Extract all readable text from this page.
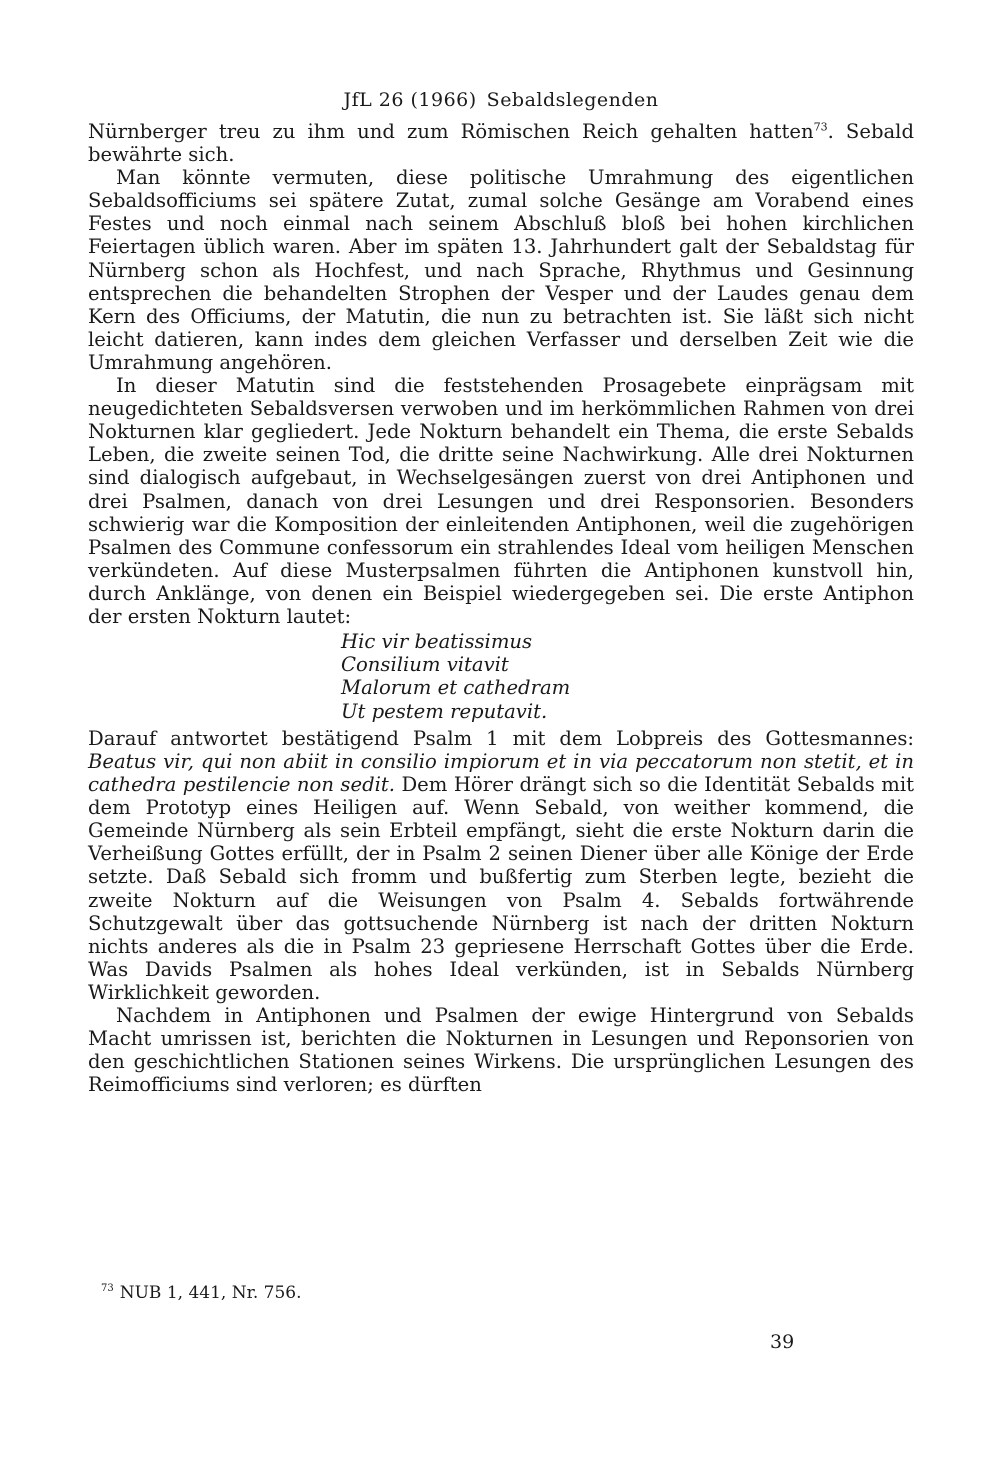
JfL 26 (1966) Sebaldslegenden

Nürnberger treu zu ihm und zum Römischen Reich gehalten hatten$^{73}$. Sebald bewährte sich.

Man könnte vermuten, diese politische Umrahmung des eigentlichen Sebaldsofficiums sei spätere Zutat, zumal solche Gesänge am Vorabend eines Festes und noch einmal nach seinem Abschluß bloß bei hohen kirchlichen Feiertagen üblich waren. Aber im späten 13. Jahrhundert galt der Sebaldstag für Nürnberg schon als Hochfest, und nach Sprache, Rhythmus und Gesinnung entsprechen die behandelten Strophen der Vesper und der Laudes genau dem Kern des Officiums, der Matutin, die nun zu betrachten ist. Sie läßt sich nicht leicht datieren, kann indes dem gleichen Verfasser und derselben Zeit wie die Umrahmung angehören.

In dieser Matutin sind die feststehenden Prosagebete einprägsam mit neugedichteten Sebaldsversen verwoben und im herkömmlichen Rahmen von drei Nokturnen klar gegliedert. Jede Nokturn behandelt ein Thema, die erste Sebalds Leben, die zweite seinen Tod, die dritte seine Nachwirkung. Alle drei Nokturnen sind dialogisch aufgebaut, in Wechselgesängen zuerst von drei Antiphonen und drei Psalmen, danach von drei Lesungen und drei Responsorien. Besonders schwierig war die Komposition der einleitenden Antiphonen, weil die zugehörigen Psalmen des Commune confessorum ein strahlendes Ideal vom heiligen Menschen verkündeten. Auf diese Musterpsalmen führten die Antiphonen kunstvoll hin, durch Anklänge, von denen ein Beispiel wiedergegeben sei. Die erste Antiphon der ersten Nokturn lautet:

Hic vir beatissimus
Consilium vitavit
Malorum et cathedram
Ut pestem reputavit.

Darauf antwortet bestätigend Psalm 1 mit dem Lobpreis des Gottesmannes: Beatus vir, qui non abiit in consilio impiorum et in via peccatorum non stetit, et in cathedra pestilencie non sedit. Dem Hörer drängt sich so die Identität Sebalds mit dem Prototyp eines Heiligen auf. Wenn Sebald, von weither kommend, die Gemeinde Nürnberg als sein Erbteil empfängt, sieht die erste Nokturn darin die Verheißung Gottes erfüllt, der in Psalm 2 seinen Diener über alle Könige der Erde setzte. Daß Sebald sich fromm und bußfertig zum Sterben legte, bezieht die zweite Nokturn auf die Weisungen von Psalm 4. Sebalds fortwährende Schutzgewalt über das gottsuchende Nürnberg ist nach der dritten Nokturn nichts anderes als die in Psalm 23 gepriesene Herrschaft Gottes über die Erde. Was Davids Psalmen als hohes Ideal verkünden, ist in Sebalds Nürnberg Wirklichkeit geworden.

Nachdem in Antiphonen und Psalmen der ewige Hintergrund von Sebalds Macht umrissen ist, berichten die Nokturnen in Lesungen und Reponsorien von den geschichtlichen Stationen seines Wirkens. Die ursprünglichen Lesungen des Reimofficiums sind verloren; es dürften

$^{73}$ NUB 1, 441, Nr. 756.
39
